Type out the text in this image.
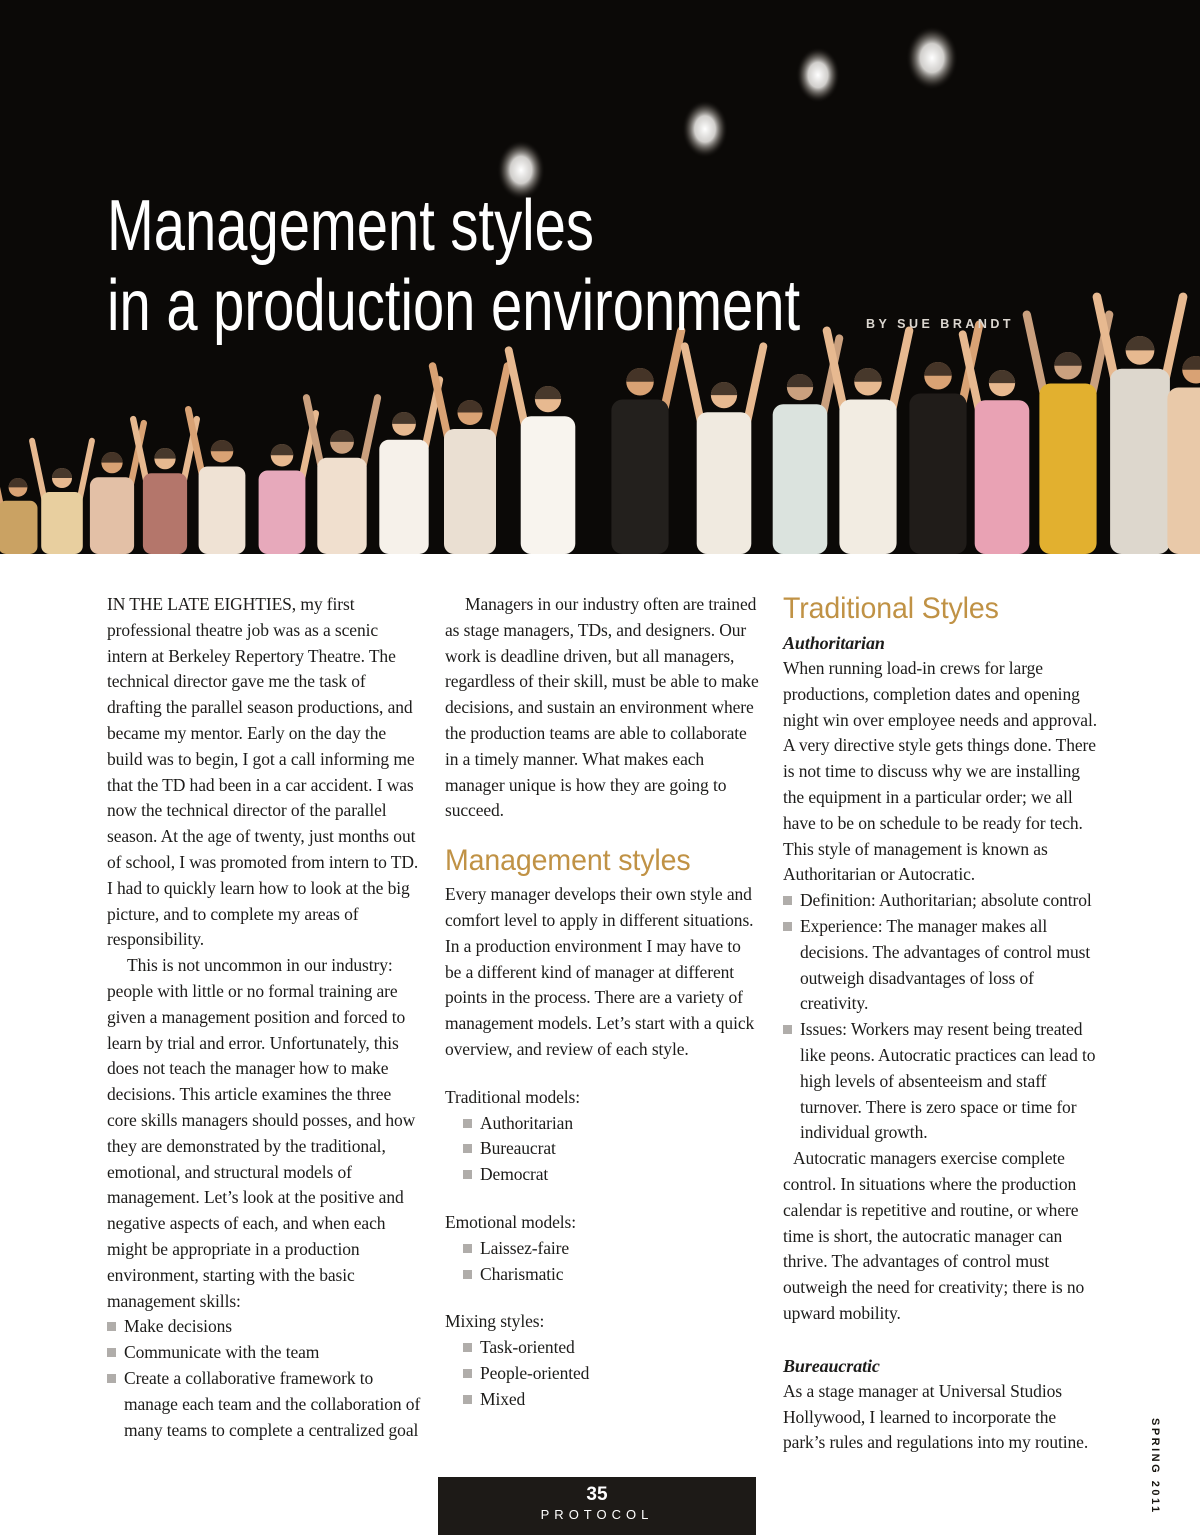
Management styles
in a production environment	BY SUE BRANDT

IN THE LATE EIGHTIES, my first professional theatre job was as a scenic intern at Berkeley Repertory Theatre. The technical director gave me the task of drafting the parallel season productions, and became my mentor. Early on the day the build was to begin, I got a call informing me that the TD had been in a car accident. I was now the technical director of the parallel season. At the age of twenty, just months out of school, I was promoted from intern to TD. I had to quickly learn how to look at the big picture, and to complete my areas of responsibility.

This is not uncommon in our industry: people with little or no formal training are given a management position and forced to learn by trial and error. Unfortunately, this does not teach the manager how to make decisions. This article examines the three core skills managers should posses, and how they are demonstrated by the traditional, emotional, and structural models of management. Let’s look at the positive and negative aspects of each, and when each might be appropriate in a production environment, starting with the basic management skills:

Make decisions
Communicate with the team
Create a collaborative framework to manage each team and the collaboration of many teams to complete a centralized goal

Managers in our industry often are trained as stage managers, TDs, and designers. Our work is deadline driven, but all managers, regardless of their skill, must be able to make decisions, and sustain an environment where the production teams are able to collaborate in a timely manner. What makes each manager unique is how they are going to succeed.

Management styles

Every manager develops their own style and comfort level to apply in different situations. In a production environment I may have to be a different kind of manager at different points in the process. There are a variety of management models. Let’s start with a quick overview, and review of each style.

Traditional models:
Authoritarian
Bureaucrat
Democrat
Emotional models:
Laissez-faire
Charismatic
Mixing styles:
Task-oriented
People-oriented
Mixed
Traditional Styles
Authoritarian

When running load-in crews for large productions, completion dates and opening night win over employee needs and approval. A very directive style gets things done. There is not time to discuss why we are installing the equipment in a particular order; we all have to be on schedule to be ready for tech. This style of management is known as Authoritarian or Autocratic.

Definition: Authoritarian; absolute control
Experience: The manager makes all decisions. The advantages of control must outweigh disadvantages of loss of creativity.
Issues: Workers may resent being treated like peons. Autocratic practices can lead to high levels of absenteeism and staff turnover. There is zero space or time for individual growth.

Autocratic managers exercise complete control. In situations where the production calendar is repetitive and routine, or where time is short, the autocratic manager can thrive. The advantages of control must outweigh the need for creativity; there is no upward mobility.

Bureaucratic

As a stage manager at Universal Studios Hollywood, I learned to incorporate the park’s rules and regulations into my routine.

35
PROTOCOL	SPRING 2011
